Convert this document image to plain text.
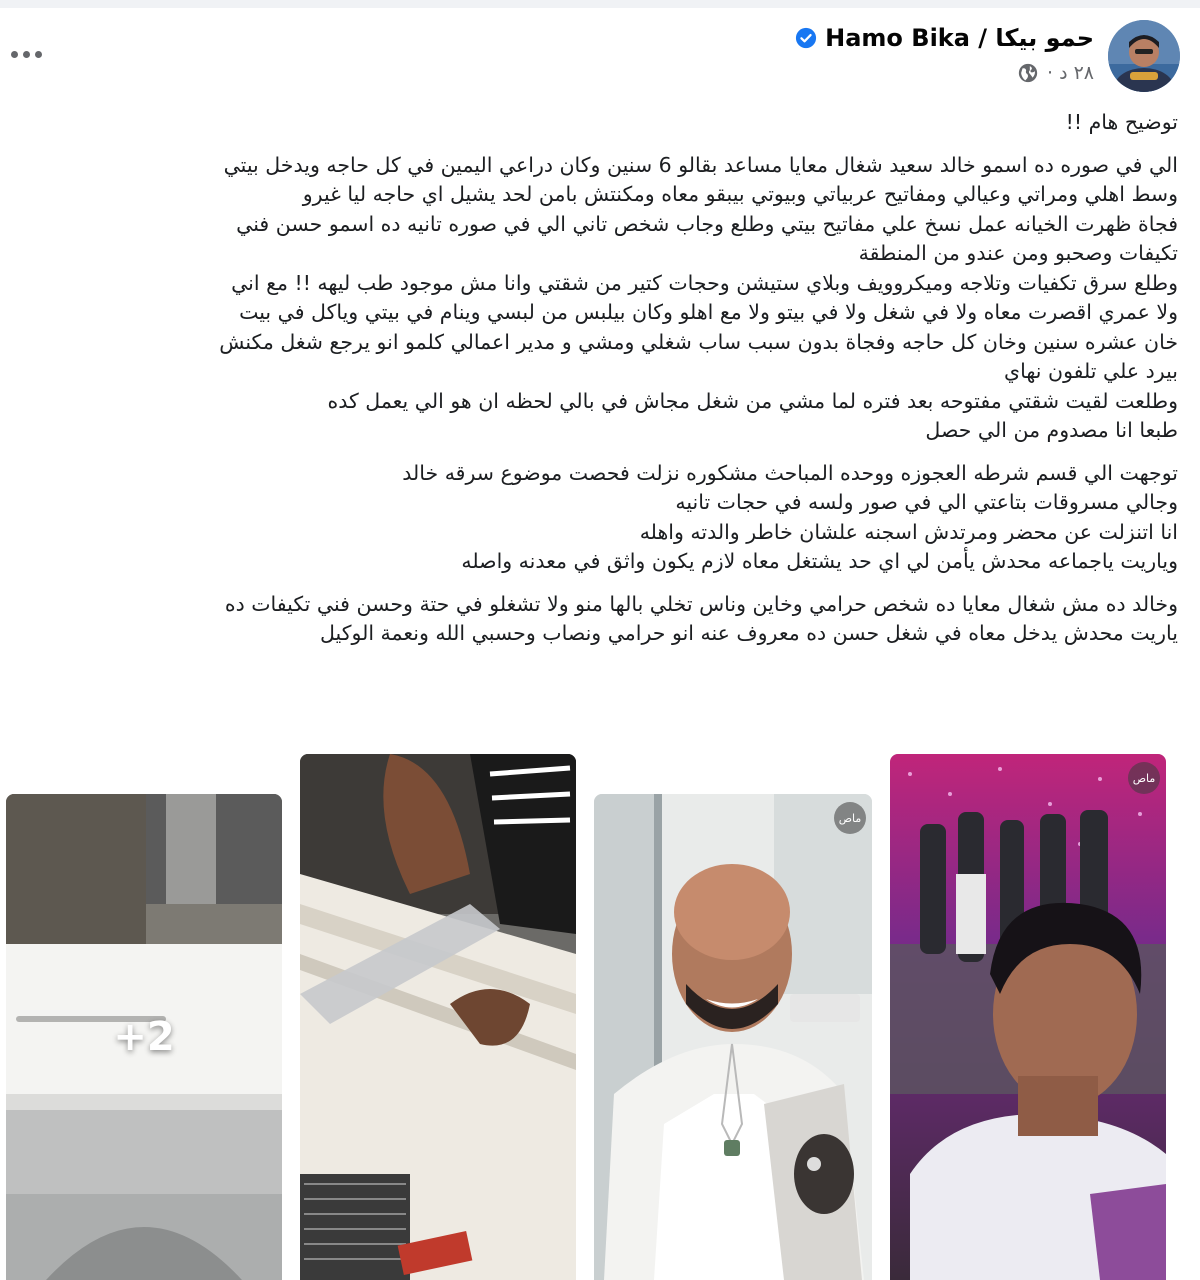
حمو بيكا / Hamo Bika
٢٨ د ·
توضيح هام !!
الي في صوره ده اسمو خالد سعيد شغال معايا مساعد بقالو 6 سنين وكان دراعي اليمين في كل حاجه ويدخل بيتي
وسط اهلي ومراتي وعيالي ومفاتيح عربياتي وبيوتي بيبقو معاه ومكنتش بامن لحد يشيل اي حاجه ليا غيرو
فجاة ظهرت الخيانه عمل نسخ علي مفاتيح بيتي وطلع وجاب شخص تاني الي في صوره تانيه ده اسمو حسن فني
تكيفات وصحبو ومن عندو من المنطقة
وطلع سرق تكفيات وتلاجه وميكروويف وبلاي ستيشن وحجات كتير من شقتي وانا مش موجود طب ليهه !! مع اني
ولا عمري اقصرت معاه ولا في شغل ولا في بيتو ولا مع اهلو وكان بيلبس من لبسي وينام في بيتي وياكل في بيت
خان عشره سنين وخان كل حاجه وفجاة بدون سبب ساب شغلي ومشي و مدير اعمالي كلمو انو يرجع شغل مكنش
بيرد علي تلفون نهاي
وطلعت لقيت شقتي مفتوحه بعد فتره لما مشي من شغل مجاش في بالي لحظه ان هو الي يعمل كده
طبعا انا مصدوم من الي حصل
توجهت الي قسم شرطه العجوزه ووحده المباحث مشكوره نزلت فحصت موضوع سرقه خالد
وجالي مسروقات بتاعتي الي في صور ولسه في حجات تانيه
انا اتنزلت عن محضر ومرتدش اسجنه علشان خاطر والدته واهله
وياريت ياجماعه محدش يأمن لي اي حد يشتغل معاه لازم يكون واثق في معدنه واصله
وخالد ده مش شغال معايا ده شخص حرامي وخاين وناس تخلي بالها منو ولا تشغلو في حتة وحسن فني تكيفات ده
ياريت محدش يدخل معاه في شغل حسن ده معروف عنه انو حرامي ونصاب وحسبي الله ونعمة الوكيل
ماص
ماص
+2
